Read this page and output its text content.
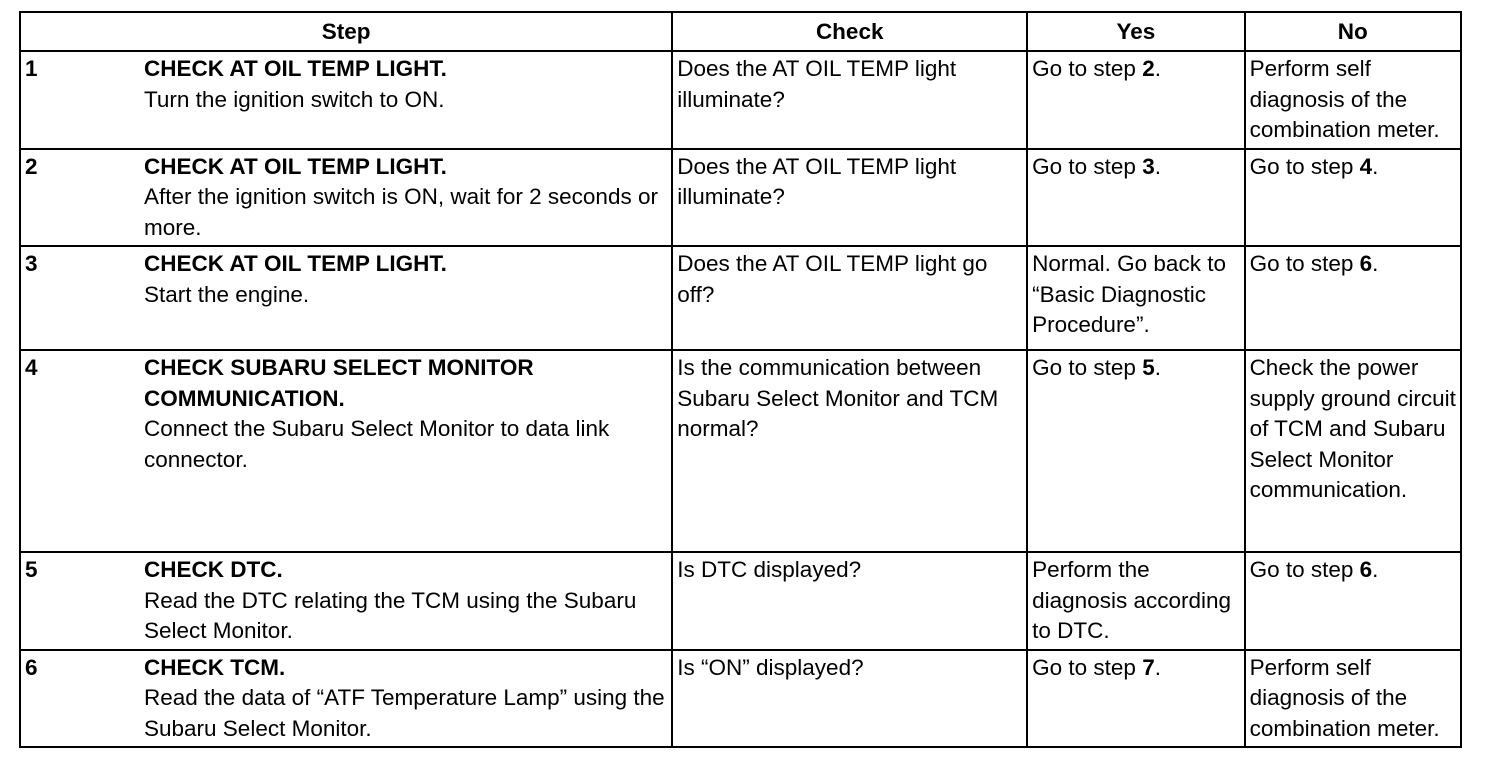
Step	Check	Yes	No

1 CHECK AT OIL TEMP LIGHT.
Turn the ignition switch to ON.	Does the AT OIL TEMP light illuminate?	Go to step 2.	Perform self diagnosis of the combination meter.

2 CHECK AT OIL TEMP LIGHT.
After the ignition switch is ON, wait for 2 seconds or more.	Does the AT OIL TEMP light illuminate?	Go to step 3.	Go to step 4.

3 CHECK AT OIL TEMP LIGHT.
Start the engine.	Does the AT OIL TEMP light go off?	Normal. Go back to “Basic Diagnostic Procedure”.	Go to step 6.

4 CHECK SUBARU SELECT MONITOR COMMUNICATION.
Connect the Subaru Select Monitor to data link connector.	Is the communication between Subaru Select Monitor and TCM normal?	Go to step 5.	Check the power supply ground circuit of TCM and Subaru Select Monitor communication.

5 CHECK DTC.
Read the DTC relating the TCM using the Subaru Select Monitor.	Is DTC displayed?	Perform the diagnosis according to DTC.	Go to step 6.

6 CHECK TCM.
Read the data of “ATF Temperature Lamp” using the Subaru Select Monitor.	Is “ON” displayed?	Go to step 7.	Perform self diagnosis of the combination meter.
